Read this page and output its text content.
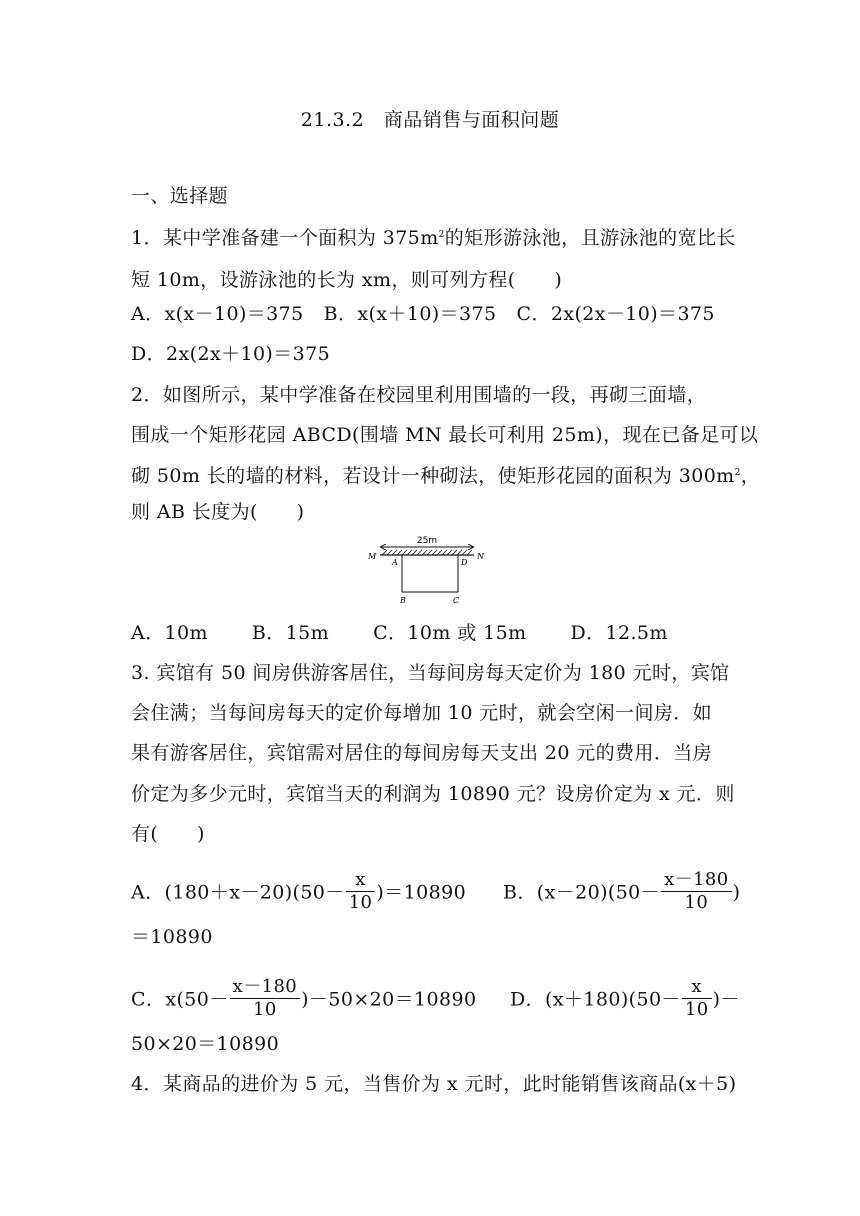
21.3.2　商品销售与面积问题
一、选择题
1．某中学准备建一个面积为 $375m^2$的矩形游泳池，且游泳池的宽比长
短 10m，设游泳池的长为 xm，则可列方程(　　)
A．x(x－10)＝375 B．x(x＋10)＝375 C．2x(2x－10)＝375
D．2x(2x＋10)＝375
2．如图所示，某中学准备在校园里利用围墙的一段，再砌三面墙，
围成一个矩形花园 ABCD(围墙 MN 最长可利用 25m)，现在已备足可以
砌 50m 长的墙的材料，若设计一种砌法，使矩形花园的面积为 $300m^2$，
则 AB 长度为(　　)
25m
M	N
A	D
B	C
A．10m B．15m C．10m 或 15m D．12.5m
3. 宾馆有 50 间房供游客居住，当每间房每天定价为 180 元时，宾馆
会住满；当每间房每天的定价每增加 10 元时，就会空闲一间房．如
果有游客居住，宾馆需对居住的每间房每天支出 20 元的费用．当房
价定为多少元时，宾馆当天的利润为 10890 元？设房价定为 x 元．则
有(　　)
A．$(180+x-20)(50- \frac{x}{10} )=10890$ B．$(x-20)(50- \frac{x-180}{10}$ )
＝10890
C．$x(50- \frac{x-180}{10} )-50\times 20=10890$ D．$(x+180)(50- \frac{x}{10}$ )－
50×20＝10890
4．某商品的进价为 5 元，当售价为 x 元时，此时能销售该商品(x＋5)
